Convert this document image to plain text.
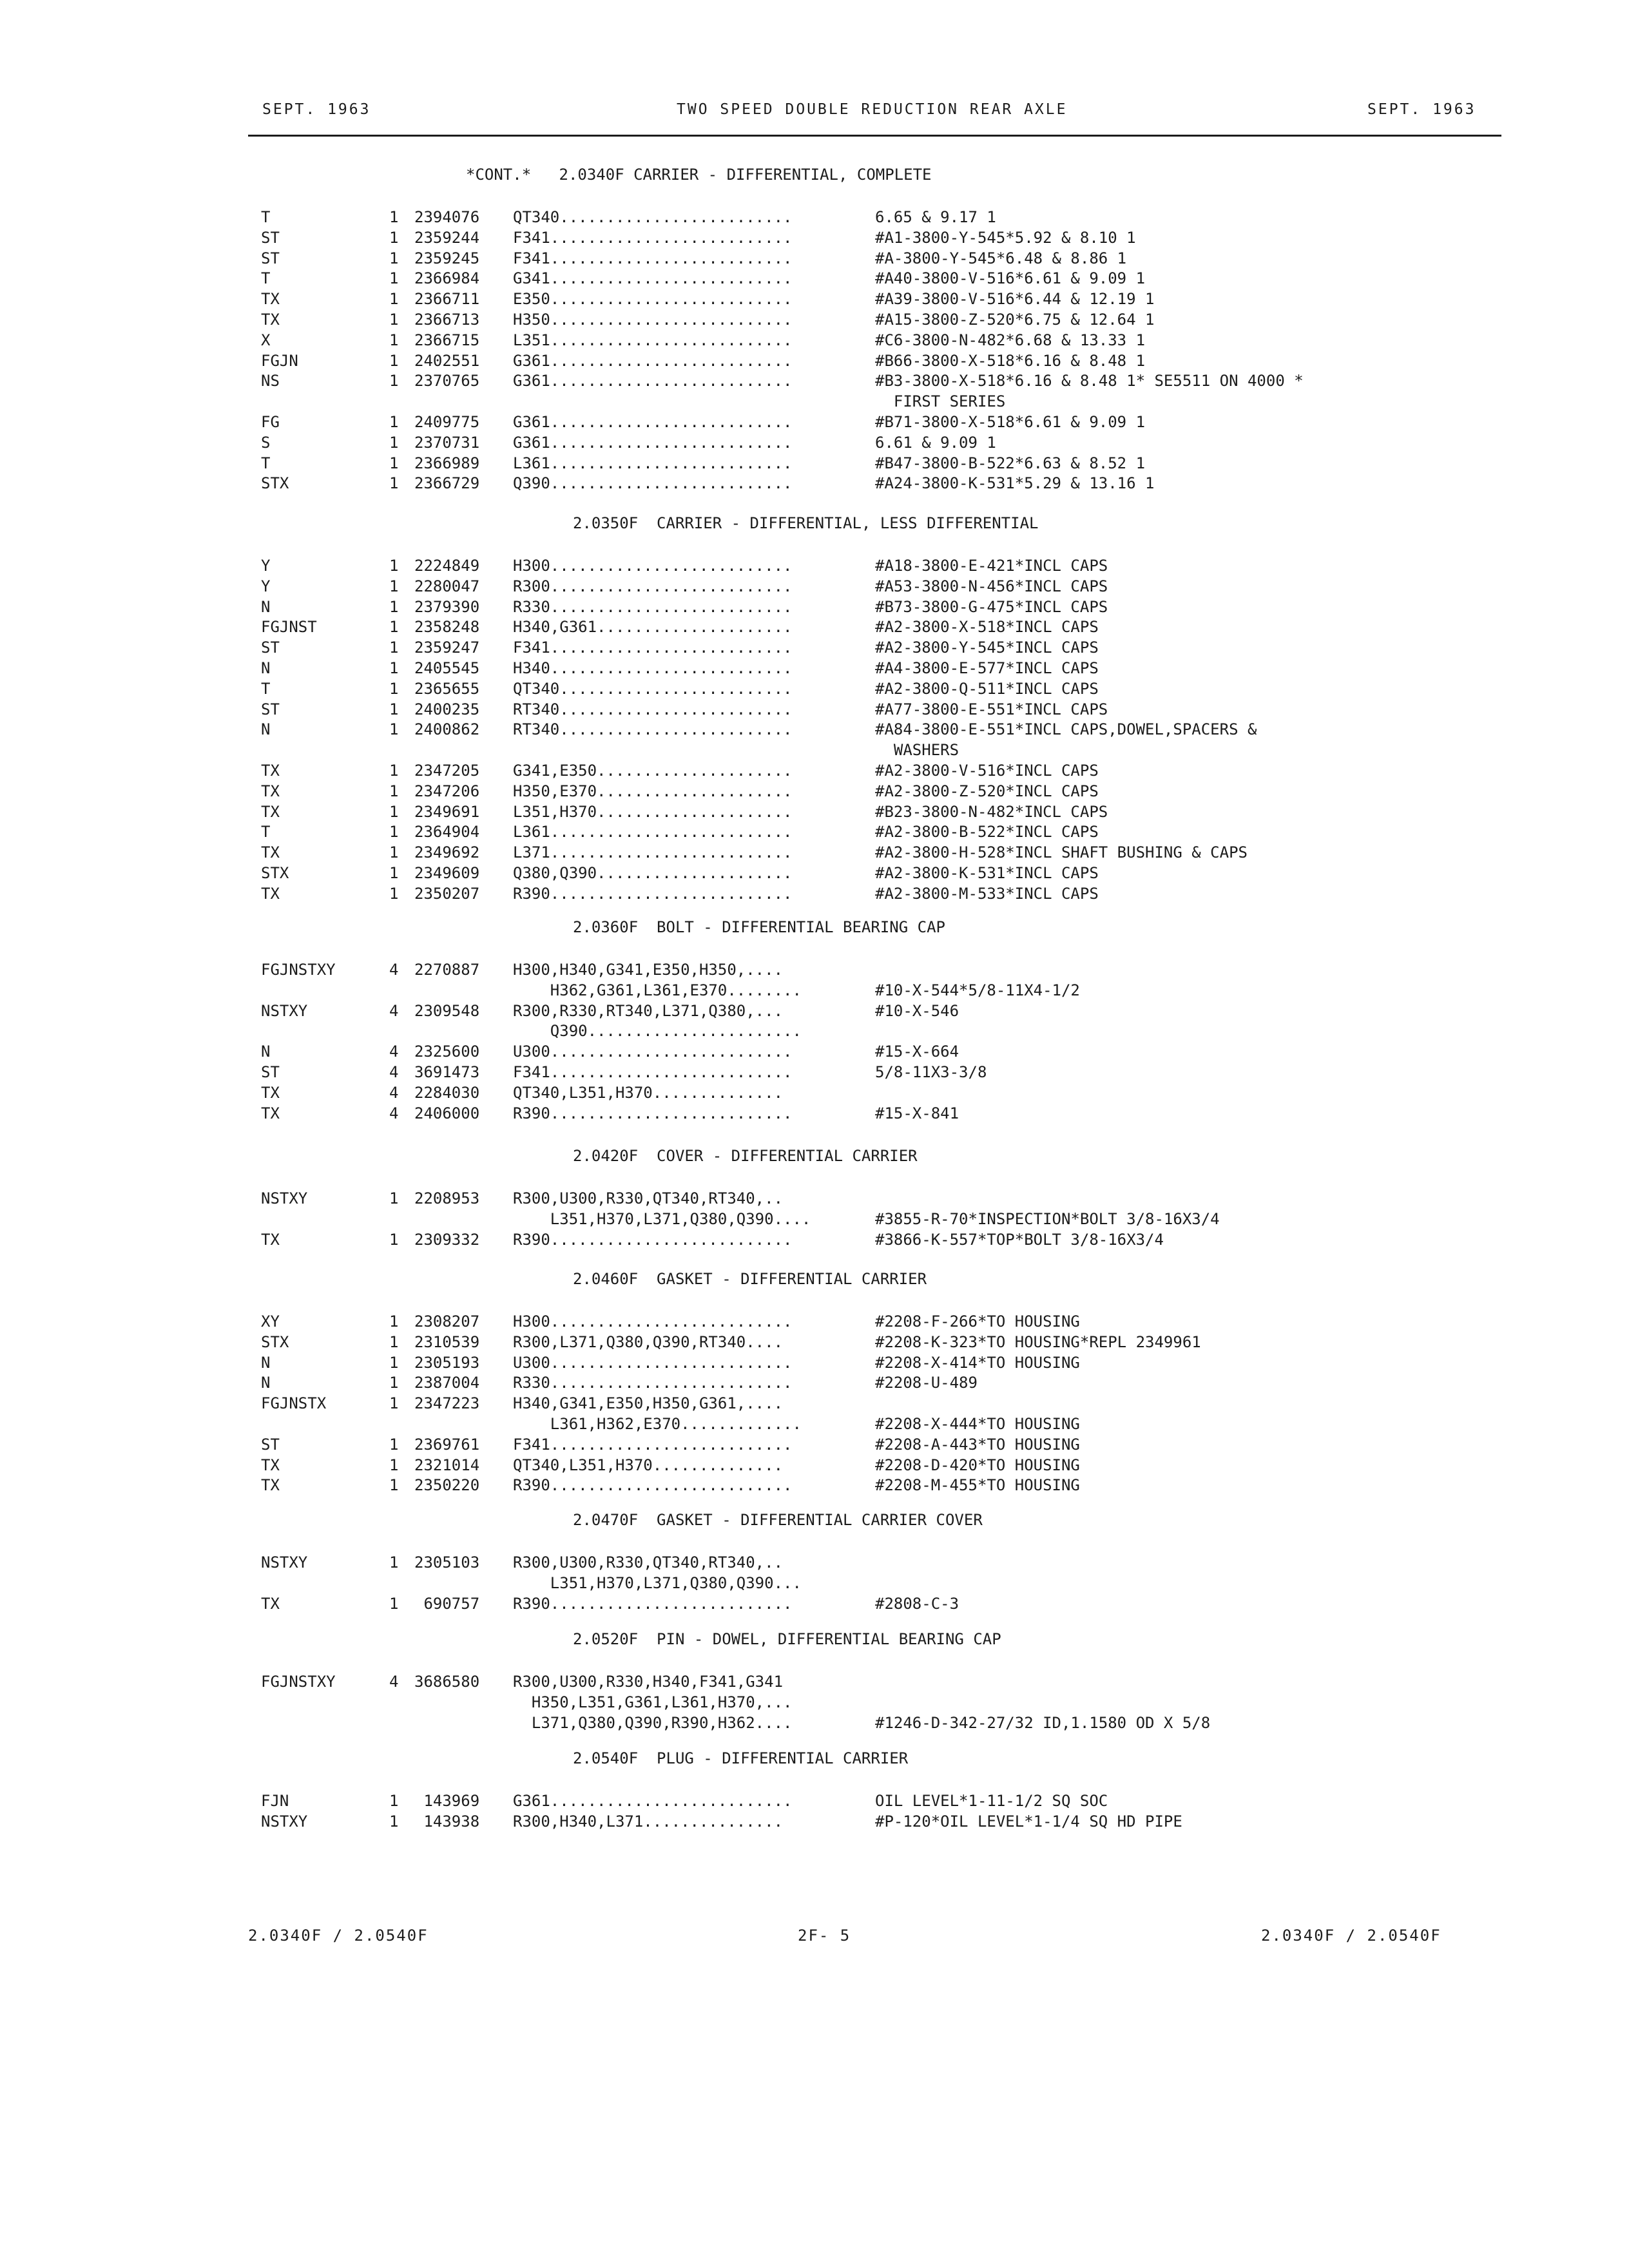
SEPT. 1963	TWO SPEED DOUBLE REDUCTION REAR AXLE	SEPT. 1963
*CONT.*   2.0340F CARRIER - DIFFERENTIAL, COMPLETE
T	1 2394076 QT340.........................	6.65 & 9.17 1
ST	1 2359244 F341..........................	#A1-3800-Y-545*5.92 & 8.10 1
ST	1 2359245 F341..........................	#A-3800-Y-545*6.48 & 8.86 1
T	1 2366984 G341..........................	#A40-3800-V-516*6.61 & 9.09 1
TX	1 2366711 E350..........................	#A39-3800-V-516*6.44 & 12.19 1
TX	1 2366713 H350..........................	#A15-3800-Z-520*6.75 & 12.64 1
X	1 2366715 L351..........................	#C6-3800-N-482*6.68 & 13.33 1
FGJN	1 2402551 G361..........................	#B66-3800-X-518*6.16 & 8.48 1
NS	1 2370765 G361..........................	#B3-3800-X-518*6.16 & 8.48 1* SE5511 ON 4000 *
FIRST SERIES
FG	1 2409775 G361..........................	#B71-3800-X-518*6.61 & 9.09 1
S	1 2370731 G361..........................	6.61 & 9.09 1
T	1 2366989 L361..........................	#B47-3800-B-522*6.63 & 8.52 1
STX	1 2366729 Q390..........................	#A24-3800-K-531*5.29 & 13.16 1
2.0350F  CARRIER - DIFFERENTIAL, LESS DIFFERENTIAL
Y	1 2224849 H300..........................	#A18-3800-E-421*INCL CAPS
Y	1 2280047 R300..........................	#A53-3800-N-456*INCL CAPS
N	1 2379390 R330..........................	#B73-3800-G-475*INCL CAPS
FGJNST	1 2358248 H340,G361.....................	#A2-3800-X-518*INCL CAPS
ST	1 2359247 F341..........................	#A2-3800-Y-545*INCL CAPS
N	1 2405545 H340..........................	#A4-3800-E-577*INCL CAPS
T	1 2365655 QT340.........................	#A2-3800-Q-511*INCL CAPS
ST	1 2400235 RT340.........................	#A77-3800-E-551*INCL CAPS
N	1 2400862 RT340.........................	#A84-3800-E-551*INCL CAPS,DOWEL,SPACERS &
WASHERS
TX	1 2347205 G341,E350.....................	#A2-3800-V-516*INCL CAPS
TX	1 2347206 H350,E370.....................	#A2-3800-Z-520*INCL CAPS
TX	1 2349691 L351,H370.....................	#B23-3800-N-482*INCL CAPS
T	1 2364904 L361..........................	#A2-3800-B-522*INCL CAPS
TX	1 2349692 L371..........................	#A2-3800-H-528*INCL SHAFT BUSHING & CAPS
STX	1 2349609 Q380,Q390.....................	#A2-3800-K-531*INCL CAPS
TX	1 2350207 R390..........................	#A2-3800-M-533*INCL CAPS
2.0360F  BOLT - DIFFERENTIAL BEARING CAP
FGJNSTXY	4 2270887 H300,H340,G341,E350,H350,....
H362,G361,L361,E370........	#10-X-544*5/8-11X4-1/2
NSTXY	4 2309548 R300,R330,RT340,L371,Q380,...	#10-X-546
Q390.......................
N	4 2325600 U300..........................	#15-X-664
ST	4 3691473 F341..........................	5/8-11X3-3/8
TX	4 2284030 QT340,L351,H370..............
TX	4 2406000 R390..........................	#15-X-841
2.0420F  COVER - DIFFERENTIAL CARRIER
NSTXY	1 2208953 R300,U300,R330,QT340,RT340,..
L351,H370,L371,Q380,Q390....	#3855-R-70*INSPECTION*BOLT 3/8-16X3/4
TX	1 2309332 R390..........................	#3866-K-557*TOP*BOLT 3/8-16X3/4
2.0460F  GASKET - DIFFERENTIAL CARRIER
XY	1 2308207 H300..........................	#2208-F-266*TO HOUSING
STX	1 2310539 R300,L371,Q380,Q390,RT340....	#2208-K-323*TO HOUSING*REPL 2349961
N	1 2305193 U300..........................	#2208-X-414*TO HOUSING
N	1 2387004 R330..........................	#2208-U-489
FGJNSTX	1 2347223 H340,G341,E350,H350,G361,....
L361,H362,E370.............	#2208-X-444*TO HOUSING
ST	1 2369761 F341..........................	#2208-A-443*TO HOUSING
TX	1 2321014 QT340,L351,H370..............	#2208-D-420*TO HOUSING
TX	1 2350220 R390..........................	#2208-M-455*TO HOUSING
2.0470F  GASKET - DIFFERENTIAL CARRIER COVER
NSTXY	1 2305103 R300,U300,R330,QT340,RT340,..
L351,H370,L371,Q380,Q390...
TX	1 690757 R390..........................	#2808-C-3
2.0520F  PIN - DOWEL, DIFFERENTIAL BEARING CAP
FGJNSTXY	4 3686580 R300,U300,R330,H340,F341,G341
H350,L351,G361,L361,H370,...
L371,Q380,Q390,R390,H362....	#1246-D-342-27/32 ID,1.1580 OD X 5/8
2.0540F  PLUG - DIFFERENTIAL CARRIER
FJN	1 143969 G361..........................	OIL LEVEL*1-11-1/2 SQ SOC
NSTXY	1 143938 R300,H340,L371...............	#P-120*OIL LEVEL*1-1/4 SQ HD PIPE
2.0340F / 2.0540F	2F- 5	2.0340F / 2.0540F
